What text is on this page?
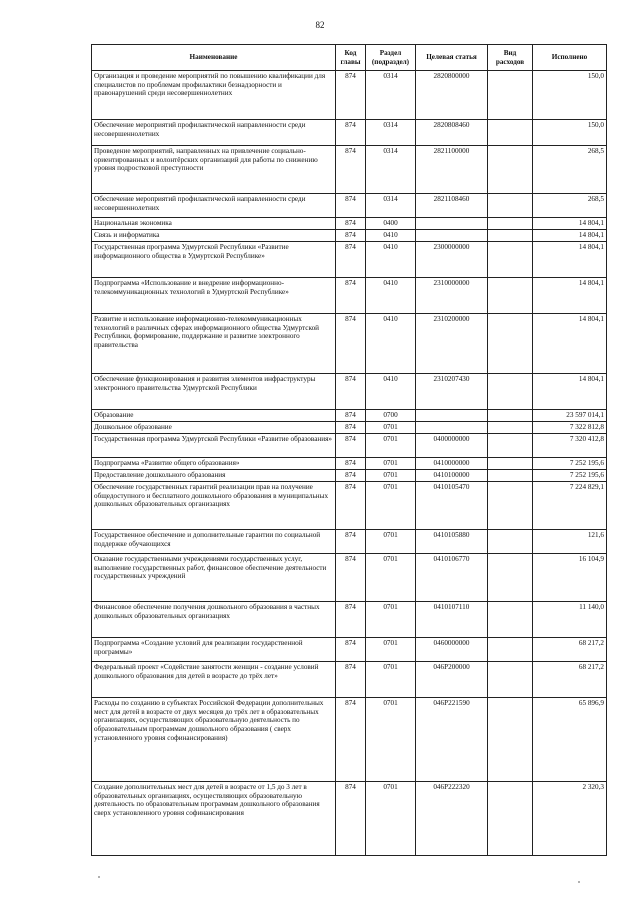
82
Наименование	Код главы	Раздел (подраздел)	Целевая статья	Вид расходов	Исполнено
Организация и проведение мероприятий по повышению квалификации для специалистов по проблемам профилактики безнадзорности и правонарушений среди несовершеннолетних	874	0314	2820800000		150,0
Обеспечение мероприятий профилактической направленности среди несовершеннолетних	874	0314	2820808460		150,0
Проведение мероприятий, направленных на привлечение социально-ориентированных и волонтёрских организаций для работы по снижению уровня подростковой преступности	874	0314	2821100000		268,5
Обеспечение мероприятий профилактической направленности среди несовершеннолетних	874	0314	2821108460		268,5
Национальная экономика	874	0400			14 804,1
Связь и информатика	874	0410			14 804,1
Государственная программа Удмуртской Республики «Развитие информационного общества в Удмуртской Республике»	874	0410	2300000000		14 804,1
Подпрограмма «Использование и внедрение информационно-телекоммуникационных технологий в Удмуртской Республике»	874	0410	2310000000		14 804,1
Развитие и использование информационно-телекоммуникационных технологий в различных сферах информационного общества Удмуртской Республики, формирование, поддержание и развитие электронного правительства	874	0410	2310200000		14 804,1
Обеспечение функционирования и развития элементов инфраструктуры электронного правительства Удмуртской Республики	874	0410	2310207430		14 804,1
Образование	874	0700			23 597 014,1
Дошкольное образование	874	0701			7 322 812,8
Государственная программа Удмуртской Республики «Развитие образования»	874	0701	0400000000		7 320 412,8
Подпрограмма «Развитие общего образования»	874	0701	0410000000		7 252 195,6
Предоставление дошкольного образования	874	0701	0410100000		7 252 195,6
Обеспечение государственных гарантий реализации прав на получение общедоступного и бесплатного дошкольного образования в муниципальных дошкольных образовательных организациях	874	0701	0410105470		7 224 829,1
Государственное обеспечение и дополнительные гарантии по социальной поддержке обучающихся	874	0701	0410105880		121,6
Оказание государственными учреждениями государственных услуг, выполнение государственных работ, финансовое обеспечение деятельности государственных учреждений	874	0701	0410106770		16 104,9
Финансовое обеспечение получения дошкольного образования в частных дошкольных образовательных организациях	874	0701	0410107110		11 140,0
Подпрограмма «Создание условий для реализации государственной программы»	874	0701	0460000000		68 217,2
Федеральный проект «Содействие занятости женщин - создание условий дошкольного образования для детей в возрасте до трёх лет»	874	0701	046P200000		68 217,2
Расходы по созданию в субъектах Российской Федерации дополнительных мест для детей в возрасте от двух месяцев до трёх лет в образовательных организациях, осуществляющих образовательную деятельность по образовательным программам дошкольного образования ( сверх установленного уровня софинансирования)	874	0701	046P221590		65 896,9
Создание дополнительных мест для детей в возрасте от 1,5 до 3 лет в образовательных организациях, осуществляющих образовательную деятельность по образовательным программам дошкольного образования сверх установленного уровня софинансирования	874	0701	046P222320		2 320,3
